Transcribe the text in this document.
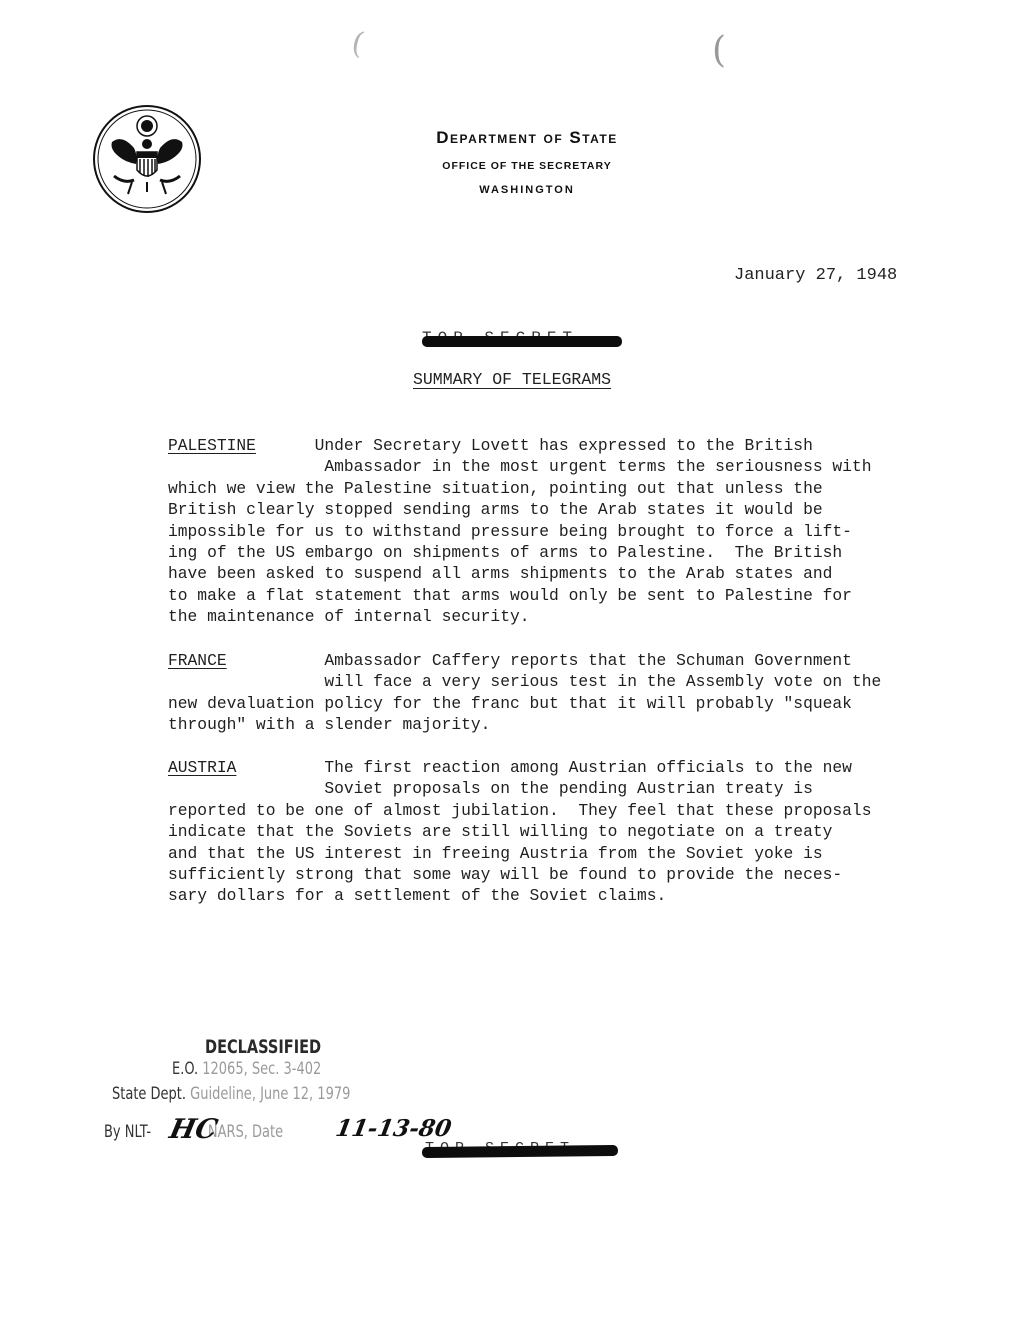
(	(
Department of State
OFFICE OF THE SECRETARY
WASHINGTON
January 27, 1948
SUMMARY OF TELEGRAMS
PALESTINE	Under Secretary Lovett has expressed to the British
Ambassador in the most urgent terms the seriousness with
which we view the Palestine situation, pointing out that unless the
British clearly stopped sending arms to the Arab states it would be
impossible for us to withstand pressure being brought to force a lift-
ing of the US embargo on shipments of arms to Palestine.  The British
have been asked to suspend all arms shipments to the Arab states and
to make a flat statement that arms would only be sent to Palestine for
the maintenance of internal security.
FRANCE	Ambassador Caffery reports that the Schuman Government
will face a very serious test in the Assembly vote on the
new devaluation policy for the franc but that it will probably "squeak
through" with a slender majority.
AUSTRIA	The first reaction among Austrian officials to the new
Soviet proposals on the pending Austrian treaty is
reported to be one of almost jubilation.  They feel that these proposals
indicate that the Soviets are still willing to negotiate on a treaty
and that the US interest in freeing Austria from the Soviet yoke is
sufficiently strong that some way will be found to provide the neces-
sary dollars for a settlement of the Soviet claims.
DECLASSIFIED
E.O. 12065, Sec. 3-402
State Dept. Guideline, June 12, 1979
By NLT-	NARS, Date
HC	11-13-80
